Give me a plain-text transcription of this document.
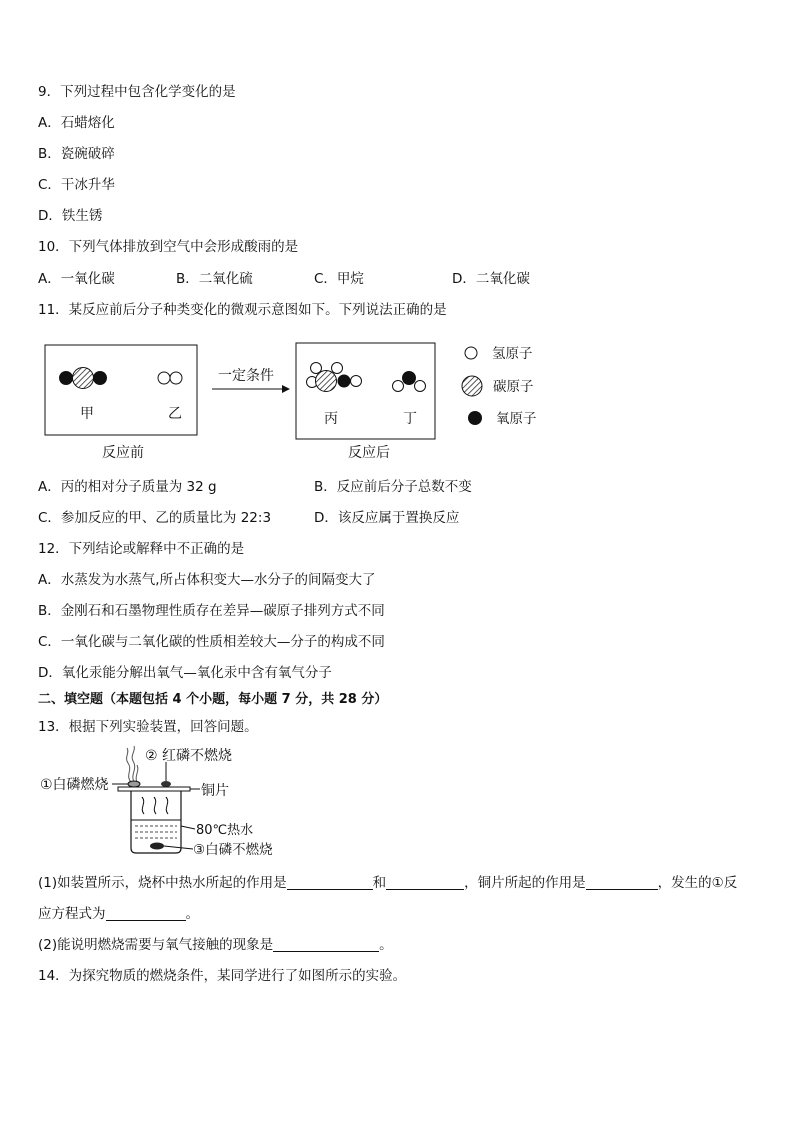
9．下列过程中包含化学变化的是
A．石蜡熔化
B．瓷碗破碎
C．干冰升华
D．铁生锈
10．下列气体排放到空气中会形成酸雨的是
A．一氧化碳	B．二氧化硫	C．甲烷	D．二氧化碳
11．某反应前后分子种类变化的微观示意图如下。下列说法正确的是
甲	乙
反应前
一定条件
丙	丁
反应后
氢原子
碳原子
氧原子
A．丙的相对分子质量为 32 g	B．反应前后分子总数不变
C．参加反应的甲、乙的质量比为 22:3	D．该反应属于置换反应
12．下列结论或解释中不正确的是
A．水蒸发为水蒸气,所占体积变大—水分子的间隔变大了
B．金刚石和石墨物理性质存在差异—碳原子排列方式不同
C．一氧化碳与二氧化碳的性质相差较大—分子的构成不同
D．氧化汞能分解出氧气—氧化汞中含有氧气分子
二、填空题（本题包括 4 个小题，每小题 7 分，共 28 分）
13．根据下列实验装置，回答问题。
①白磷燃烧
② 红磷不燃烧
铜片
80℃热水
③白磷不燃烧
(1)如装置所示，烧杯中热水所起的作用是	和	，铜片所起的作用是	，发生的①反
应方程式为	。
(2)能说明燃烧需要与氧气接触的现象是	。
14．为探究物质的燃烧条件，某同学进行了如图所示的实验。
